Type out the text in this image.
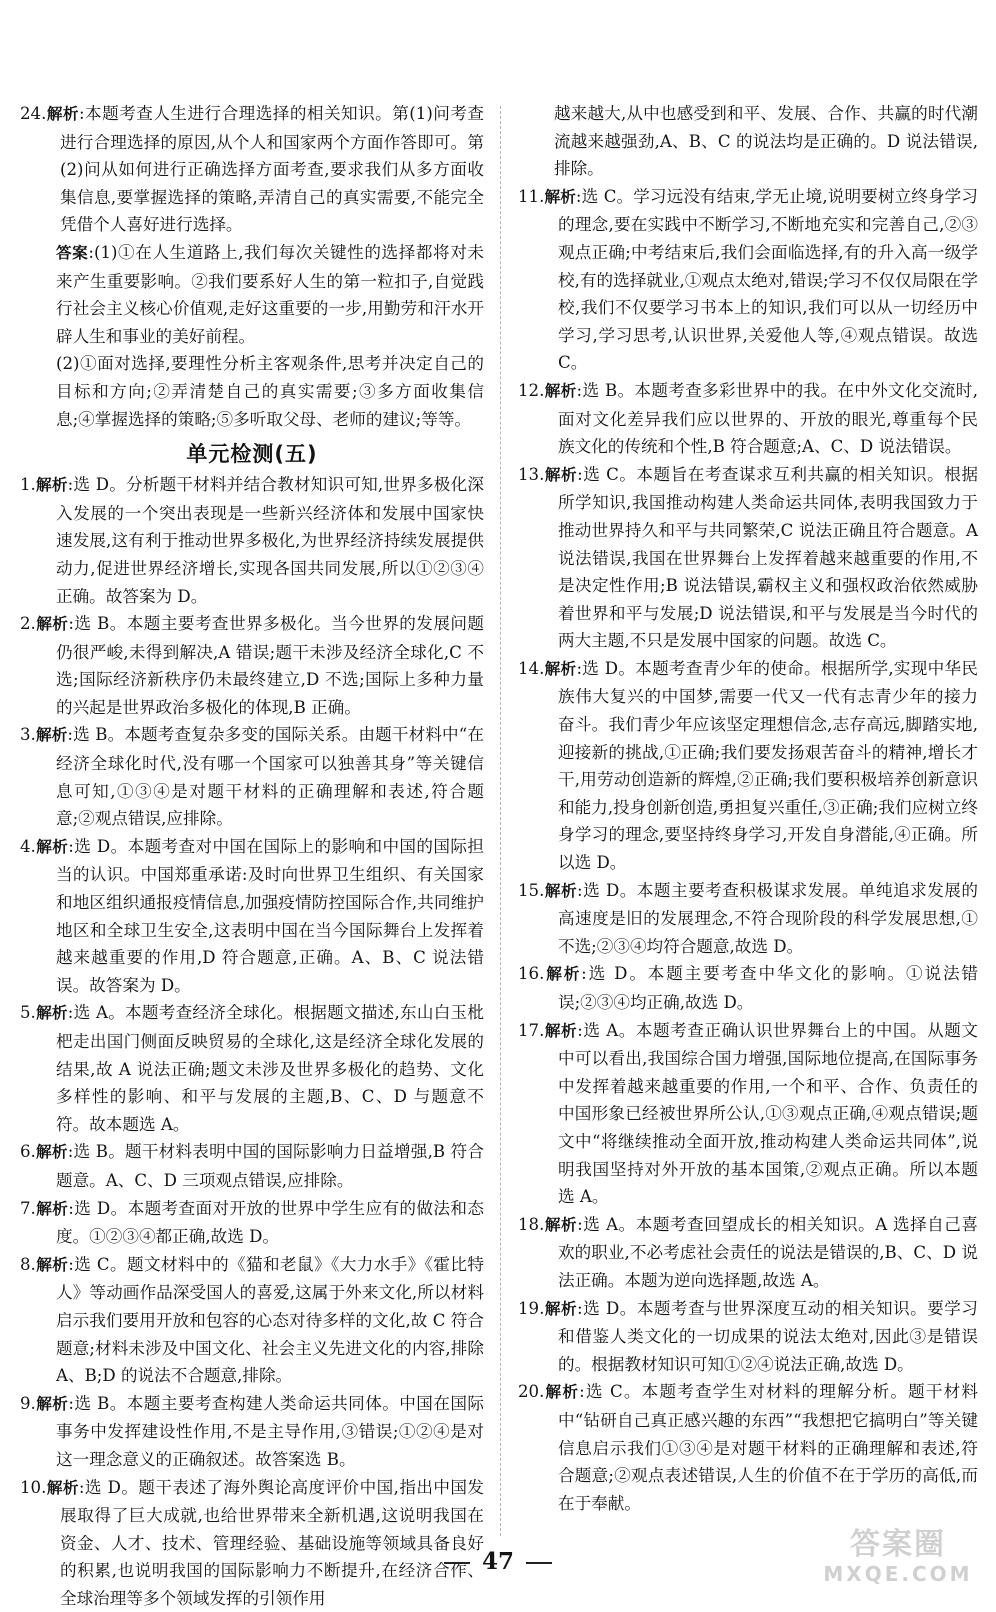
24.解析:本题考查人生进行合理选择的相关知识。第(1)问考查进行合理选择的原因,从个人和国家两个方面作答即可。第(2)问从如何进行正确选择方面考查,要求我们从多方面收集信息,要掌握选择的策略,弄清自己的真实需要,不能完全凭借个人喜好进行选择。

答案:(1)①在人生道路上,我们每次关键性的选择都将对未来产生重要影响。②我们要系好人生的第一粒扣子,自觉践行社会主义核心价值观,走好这重要的一步,用勤劳和汗水开辟人生和事业的美好前程。

(2)①面对选择,要理性分析主客观条件,思考并决定自己的目标和方向;②弄清楚自己的真实需要;③多方面收集信息;④掌握选择的策略;⑤多听取父母、老师的建议;等等。

单元检测(五)

1.解析:选 D。分析题干材料并结合教材知识可知,世界多极化深入发展的一个突出表现是一些新兴经济体和发展中国家快速发展,这有利于推动世界多极化,为世界经济持续发展提供动力,促进世界经济增长,实现各国共同发展,所以①②③④正确。故答案为 D。

2.解析:选 B。本题主要考查世界多极化。当今世界的发展问题仍很严峻,未得到解决,A 错误;题干未涉及经济全球化,C 不选;国际经济新秩序仍未最终建立,D 不选;国际上多种力量的兴起是世界政治多极化的体现,B 正确。

3.解析:选 B。本题考查复杂多变的国际关系。由题干材料中“在经济全球化时代,没有哪一个国家可以独善其身”等关键信息可知,①③④是对题干材料的正确理解和表述,符合题意;②观点错误,应排除。

4.解析:选 D。本题考查对中国在国际上的影响和中国的国际担当的认识。中国郑重承诺:及时向世界卫生组织、有关国家和地区组织通报疫情信息,加强疫情防控国际合作,共同维护地区和全球卫生安全,这表明中国在当今国际舞台上发挥着越来越重要的作用,D 符合题意,正确。A、B、C 说法错误。故答案为 D。

5.解析:选 A。本题考查经济全球化。根据题文描述,东山白玉枇杷走出国门侧面反映贸易的全球化,这是经济全球化发展的结果,故 A 说法正确;题文未涉及世界多极化的趋势、文化多样性的影响、和平与发展的主题,B、C、D 与题意不符。故本题选 A。

6.解析:选 B。题干材料表明中国的国际影响力日益增强,B 符合题意。A、C、D 三项观点错误,应排除。

7.解析:选 D。本题考查面对开放的世界中学生应有的做法和态度。①②③④都正确,故选 D。

8.解析:选 C。题文材料中的《猫和老鼠》《大力水手》《霍比特人》等动画作品深受国人的喜爱,这属于外来文化,所以材料启示我们要用开放和包容的心态对待多样的文化,故 C 符合题意;材料未涉及中国文化、社会主义先进文化的内容,排除 A、B;D 的说法不合题意,排除。

9.解析:选 B。本题主要考查构建人类命运共同体。中国在国际事务中发挥建设性作用,不是主导作用,③错误;①②④是对这一理念意义的正确叙述。故答案选 B。

10.解析:选 D。题干表述了海外舆论高度评价中国,指出中国发展取得了巨大成就,也给世界带来全新机遇,这说明我国在资金、人才、技术、管理经验、基础设施等领域具备良好的积累,也说明我国的国际影响力不断提升,在经济合作、全球治理等多个领域发挥的引领作用

越来越大,从中也感受到和平、发展、合作、共赢的时代潮流越来越强劲,A、B、C 的说法均是正确的。D 说法错误,排除。

11.解析:选 C。学习远没有结束,学无止境,说明要树立终身学习的理念,要在实践中不断学习,不断地充实和完善自己,②③观点正确;中考结束后,我们会面临选择,有的升入高一级学校,有的选择就业,①观点太绝对,错误;学习不仅仅局限在学校,我们不仅要学习书本上的知识,我们可以从一切经历中学习,学习思考,认识世界,关爱他人等,④观点错误。故选 C。

12.解析:选 B。本题考查多彩世界中的我。在中外文化交流时,面对文化差异我们应以世界的、开放的眼光,尊重每个民族文化的传统和个性,B 符合题意;A、C、D 说法错误。

13.解析:选 C。本题旨在考查谋求互利共赢的相关知识。根据所学知识,我国推动构建人类命运共同体,表明我国致力于推动世界持久和平与共同繁荣,C 说法正确且符合题意。A 说法错误,我国在世界舞台上发挥着越来越重要的作用,不是决定性作用;B 说法错误,霸权主义和强权政治依然威胁着世界和平与发展;D 说法错误,和平与发展是当今时代的两大主题,不只是发展中国家的问题。故选 C。

14.解析:选 D。本题考查青少年的使命。根据所学,实现中华民族伟大复兴的中国梦,需要一代又一代有志青少年的接力奋斗。我们青少年应该坚定理想信念,志存高远,脚踏实地,迎接新的挑战,①正确;我们要发扬艰苦奋斗的精神,增长才干,用劳动创造新的辉煌,②正确;我们要积极培养创新意识和能力,投身创新创造,勇担复兴重任,③正确;我们应树立终身学习的理念,要坚持终身学习,开发自身潜能,④正确。所以选 D。

15.解析:选 D。本题主要考查积极谋求发展。单纯追求发展的高速度是旧的发展理念,不符合现阶段的科学发展思想,①不选;②③④均符合题意,故选 D。

16.解析:选 D。本题主要考查中华文化的影响。①说法错误;②③④均正确,故选 D。

17.解析:选 A。本题考查正确认识世界舞台上的中国。从题文中可以看出,我国综合国力增强,国际地位提高,在国际事务中发挥着越来越重要的作用,一个和平、合作、负责任的中国形象已经被世界所公认,①③观点正确,④观点错误;题文中“将继续推动全面开放,推动构建人类命运共同体”,说明我国坚持对外开放的基本国策,②观点正确。所以本题选 A。

18.解析:选 A。本题考查回望成长的相关知识。A 选择自己喜欢的职业,不必考虑社会责任的说法是错误的,B、C、D 说法正确。本题为逆向选择题,故选 A。

19.解析:选 D。本题考查与世界深度互动的相关知识。要学习和借鉴人类文化的一切成果的说法太绝对,因此③是错误的。根据教材知识可知①②④说法正确,故选 D。

20.解析:选 C。本题考查学生对材料的理解分析。题干材料中“钻研自己真正感兴趣的东西”“我想把它搞明白”等关键信息启示我们①③④是对题干材料的正确理解和表述,符合题意;②观点表述错误,人生的价值不在于学历的高低,而在于奉献。

47	答案圈
MXQE.COM
